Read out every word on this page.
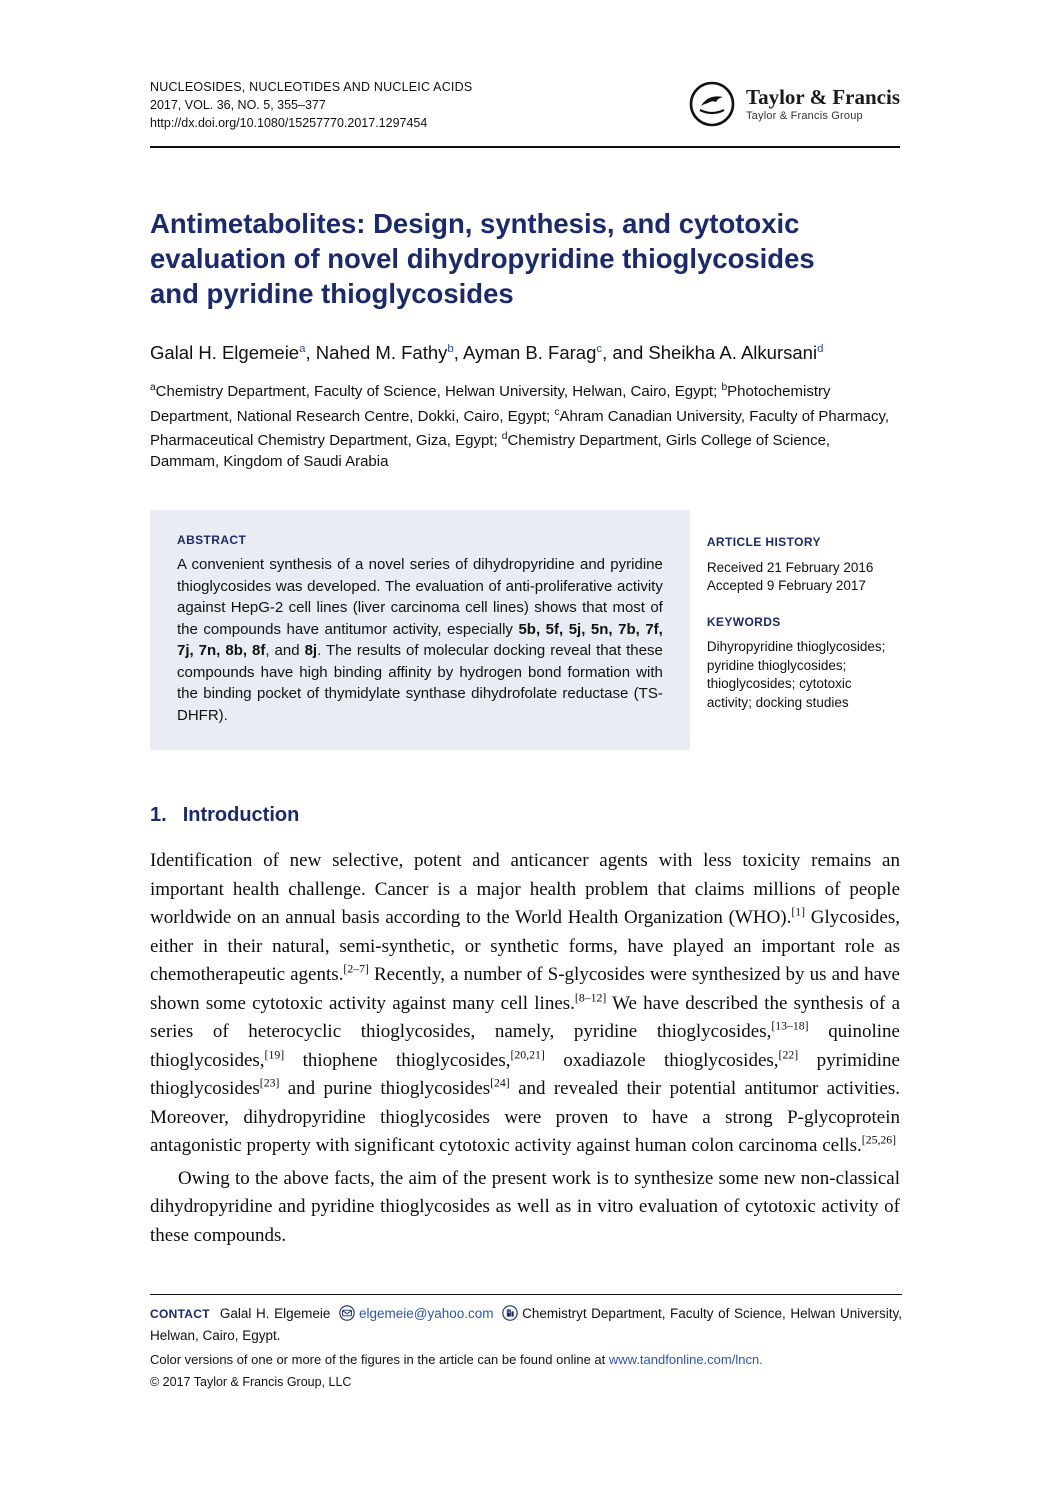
NUCLEOSIDES, NUCLEOTIDES AND NUCLEIC ACIDS
2017, VOL. 36, NO. 5, 355–377
http://dx.doi.org/10.1080/15257770.2017.1297454
Taylor & Francis
Taylor & Francis Group
Antimetabolites: Design, synthesis, and cytotoxic evaluation of novel dihydropyridine thioglycosides and pyridine thioglycosides

Galal H. Elgemeie$^a$, Nahed M. Fathy$^b$, Ayman B. Farag$^c$, and Sheikha A. Alkursani$^d$

$^a$Chemistry Department, Faculty of Science, Helwan University, Helwan, Cairo, Egypt; $^b$Photochemistry Department, National Research Centre, Dokki, Cairo, Egypt; $^c$Ahram Canadian University, Faculty of Pharmacy, Pharmaceutical Chemistry Department, Giza, Egypt; $^d$Chemistry Department, Girls College of Science, Dammam, Kingdom of Saudi Arabia

ABSTRACT

A convenient synthesis of a novel series of dihydropyridine and pyridine thioglycosides was developed. The evaluation of anti-proliferative activity against HepG-2 cell lines (liver carcinoma cell lines) shows that most of the compounds have antitumor activity, especially 5b, 5f, 5j, 5n, 7b, 7f, 7j, 7n, 8b, 8f, and 8j. The results of molecular docking reveal that these compounds have high binding affinity by hydrogen bond formation with the binding pocket of thymidylate synthase dihydrofolate reductase (TS-DHFR).

ARTICLE HISTORY
Received 21 February 2016
Accepted 9 February 2017
KEYWORDS
Dihyropyridine thioglycosides; pyridine thioglycosides; thioglycosides; cytotoxic activity; docking studies
1. Introduction

Identification of new selective, potent and anticancer agents with less toxicity remains an important health challenge. Cancer is a major health problem that claims millions of people worldwide on an annual basis according to the World Health Organization (WHO).[1] Glycosides, either in their natural, semi-synthetic, or synthetic forms, have played an important role as chemotherapeutic agents.[2–7] Recently, a number of S-glycosides were synthesized by us and have shown some cytotoxic activity against many cell lines.[8–12] We have described the synthesis of a series of heterocyclic thioglycosides, namely, pyridine thioglycosides,[13–18] quinoline thioglycosides,[19] thiophene thioglycosides,[20,21] oxadiazole thioglycosides,[22] pyrimidine thioglycosides[23] and purine thioglycosides[24] and revealed their potential antitumor activities. Moreover, dihydropyridine thioglycosides were proven to have a strong P-glycoprotein antagonistic property with significant cytotoxic activity against human colon carcinoma cells.[25,26]

Owing to the above facts, the aim of the present work is to synthesize some new non-classical dihydropyridine and pyridine thioglycosides as well as in vitro evaluation of cytotoxic activity of these compounds.

CONTACT Galal H. Elgemeie elgemeie@yahoo.com Chemistryt Department, Faculty of Science, Helwan University, Helwan, Cairo, Egypt.

Color versions of one or more of the figures in the article can be found online at www.tandfonline.com/lncn.

© 2017 Taylor & Francis Group, LLC
